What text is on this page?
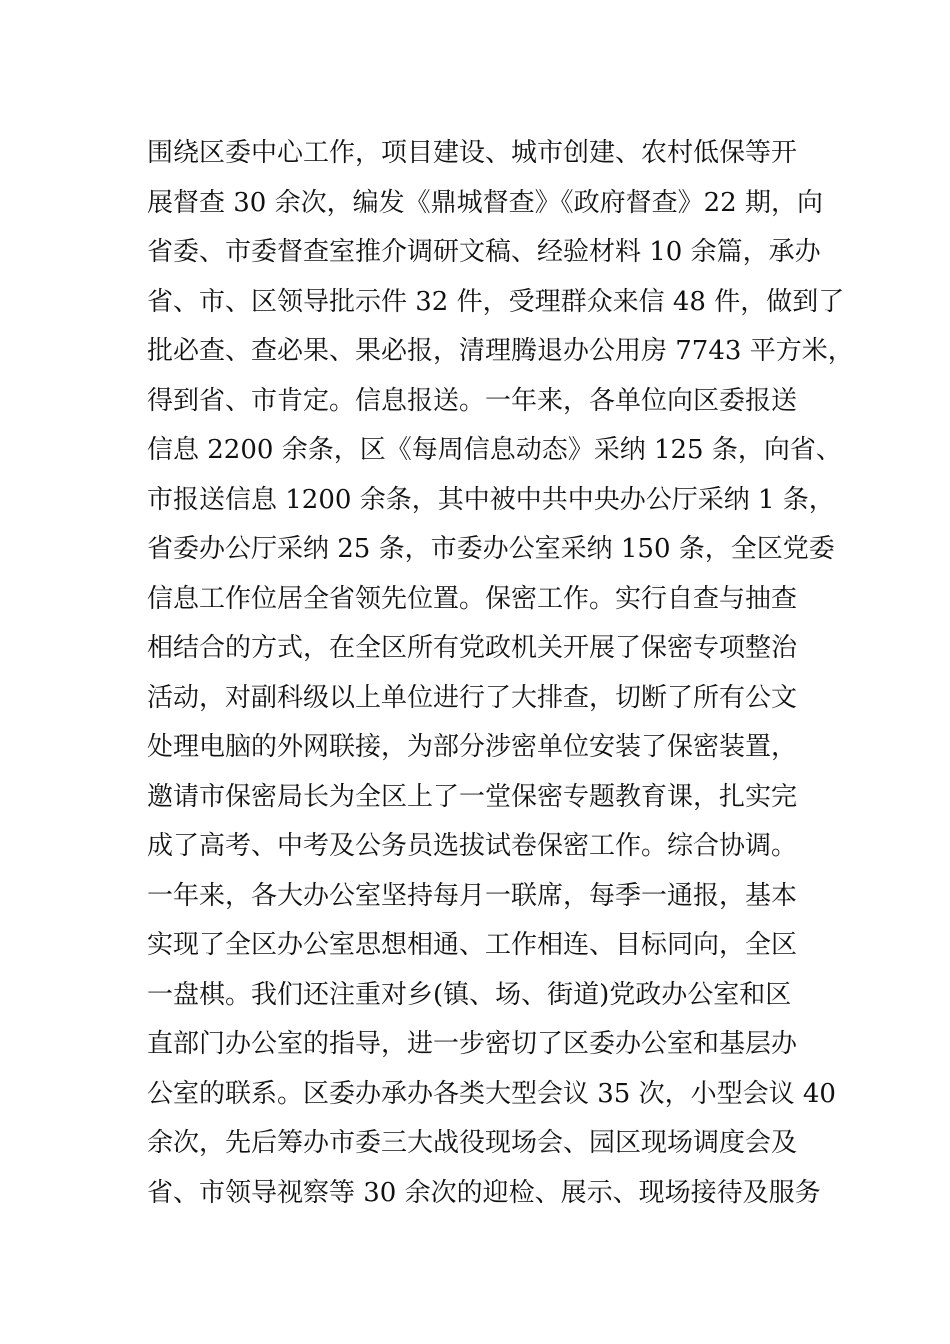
围绕区委中心工作，项目建设、城市创建、农村低保等开
展督查 30 余次，编发《鼎城督查》《政府督查》22 期，向
省委、市委督查室推介调研文稿、经验材料 10 余篇，承办
省、市、区领导批示件 32 件，受理群众来信 48 件，做到了
批必查、查必果、果必报，清理腾退办公用房 7743 平方米，
得到省、市肯定。信息报送。一年来，各单位向区委报送
信息 2200 余条，区《每周信息动态》采纳 125 条，向省、
市报送信息 1200 余条，其中被中共中央办公厅采纳 1 条，
省委办公厅采纳 25 条，市委办公室采纳 150 条，全区党委
信息工作位居全省领先位置。保密工作。实行自查与抽查
相结合的方式，在全区所有党政机关开展了保密专项整治
活动，对副科级以上单位进行了大排查，切断了所有公文
处理电脑的外网联接，为部分涉密单位安装了保密装置，
邀请市保密局长为全区上了一堂保密专题教育课，扎实完
成了高考、中考及公务员选拔试卷保密工作。综合协调。
一年来，各大办公室坚持每月一联席，每季一通报，基本
实现了全区办公室思想相通、工作相连、目标同向，全区
一盘棋。我们还注重对乡(镇、场、街道)党政办公室和区
直部门办公室的指导，进一步密切了区委办公室和基层办
公室的联系。区委办承办各类大型会议 35 次，小型会议 40
余次，先后筹办市委三大战役现场会、园区现场调度会及
省、市领导视察等 30 余次的迎检、展示、现场接待及服务
